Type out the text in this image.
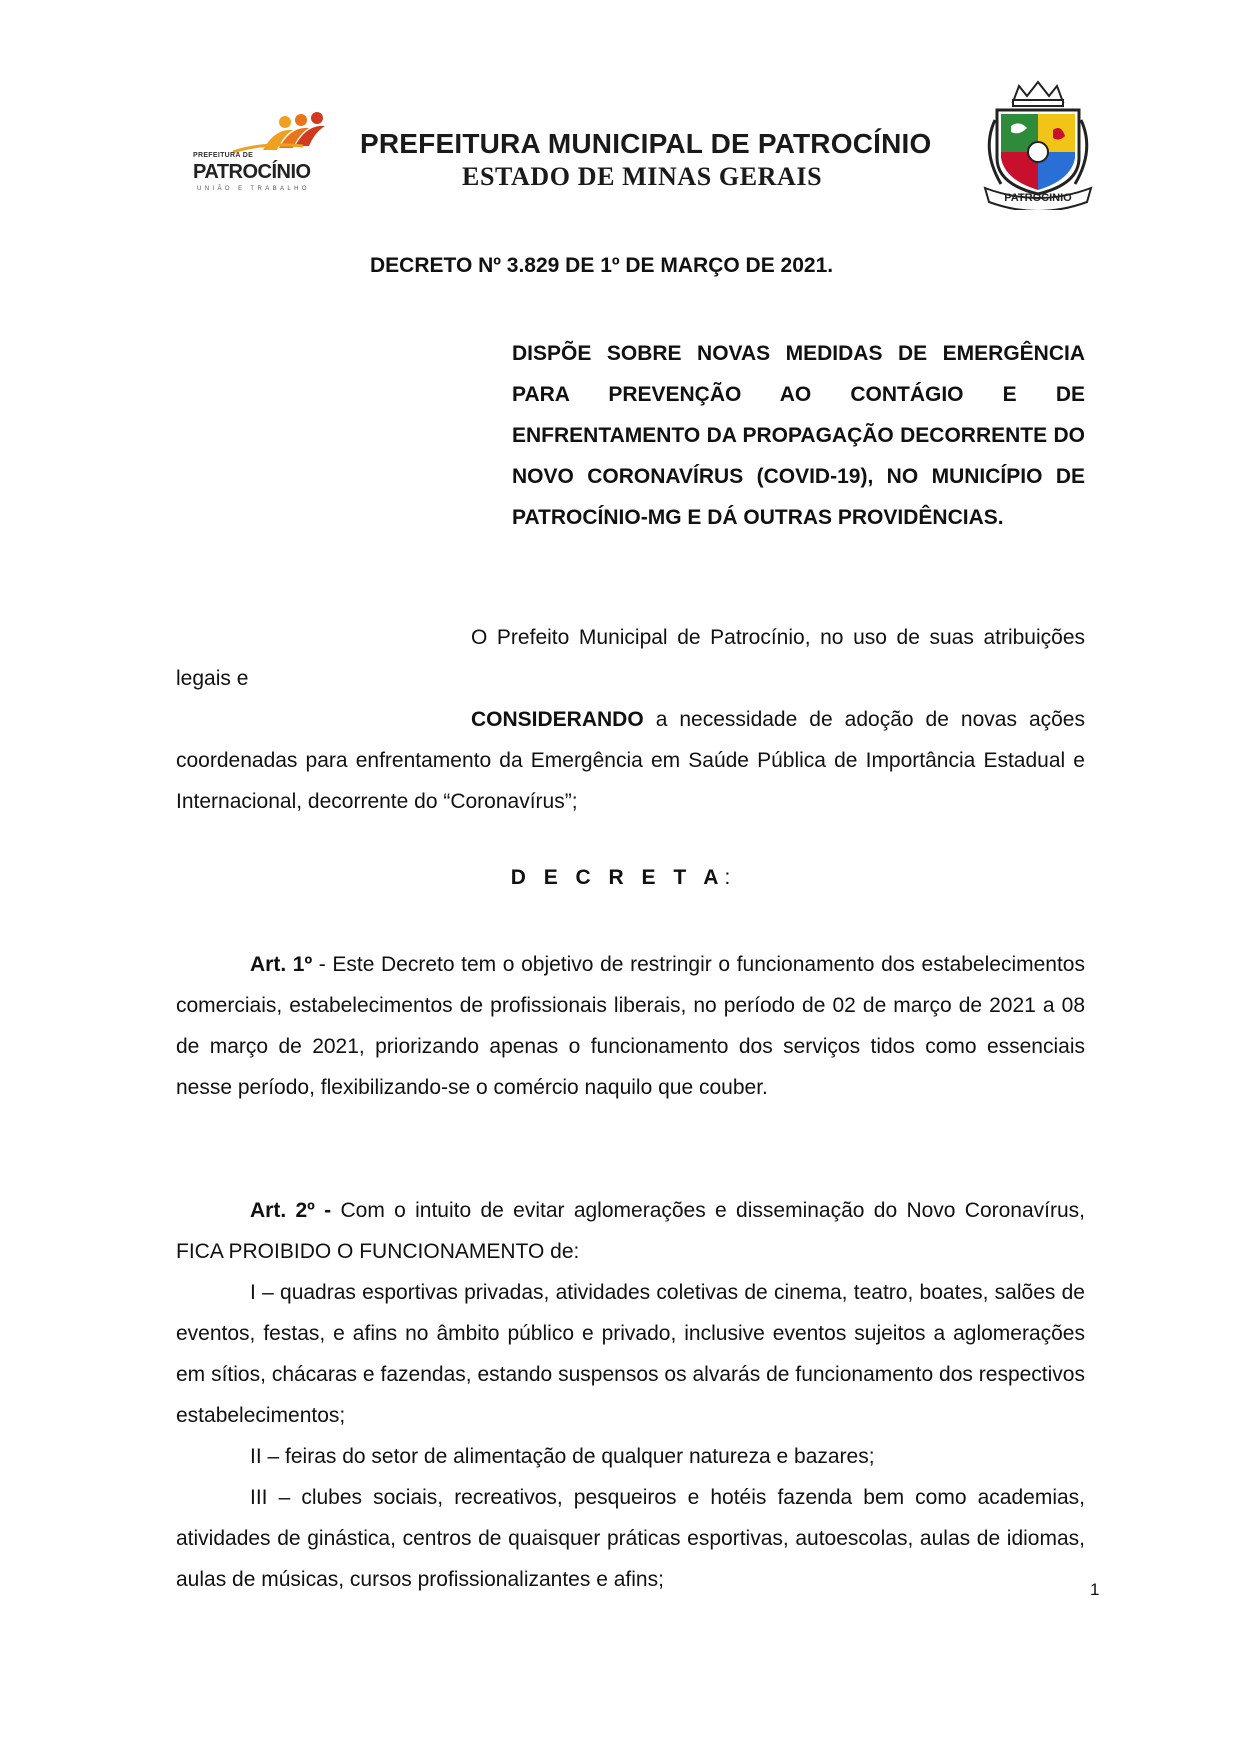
PREFEITURA DE
PATROCÍNIO
UNIÃO E TRABALHO
PREFEITURA MUNICIPAL DE PATROCÍNIO
ESTADO DE MINAS GERAIS
PATROCINIO
DECRETO Nº 3.829 DE 1º DE MARÇO DE 2021.
DISPÕE SOBRE NOVAS MEDIDAS DE EMERGÊNCIA PARA PREVENÇÃO AO CONTÁGIO E DE ENFRENTAMENTO DA PROPAGAÇÃO DECORRENTE DO NOVO CORONAVÍRUS (COVID-19), NO MUNICÍPIO DE PATROCÍNIO-MG E DÁ OUTRAS PROVIDÊNCIAS.
O Prefeito Municipal de Patrocínio, no uso de suas atribuições legais e
CONSIDERANDO a necessidade de adoção de novas ações coordenadas para enfrentamento da Emergência em Saúde Pública de Importância Estadual e Internacional, decorrente do “Coronavírus”;
D E C R E T A:
Art. 1º - Este Decreto tem o objetivo de restringir o funcionamento dos estabelecimentos comerciais, estabelecimentos de profissionais liberais, no período de 02 de março de 2021 a 08 de março de 2021, priorizando apenas o funcionamento dos serviços tidos como essenciais nesse período, flexibilizando-se o comércio naquilo que couber.
Art. 2º - Com o intuito de evitar aglomerações e disseminação do Novo Coronavírus, FICA PROIBIDO O FUNCIONAMENTO de:
I – quadras esportivas privadas, atividades coletivas de cinema, teatro, boates, salões de eventos, festas, e afins no âmbito público e privado, inclusive eventos sujeitos a aglomerações em sítios, chácaras e fazendas, estando suspensos os alvarás de funcionamento dos respectivos estabelecimentos;
II – feiras do setor de alimentação de qualquer natureza e bazares;
III – clubes sociais, recreativos, pesqueiros e hotéis fazenda bem como academias, atividades de ginástica, centros de quaisquer práticas esportivas, autoescolas, aulas de idiomas, aulas de músicas, cursos profissionalizantes e afins;	1
